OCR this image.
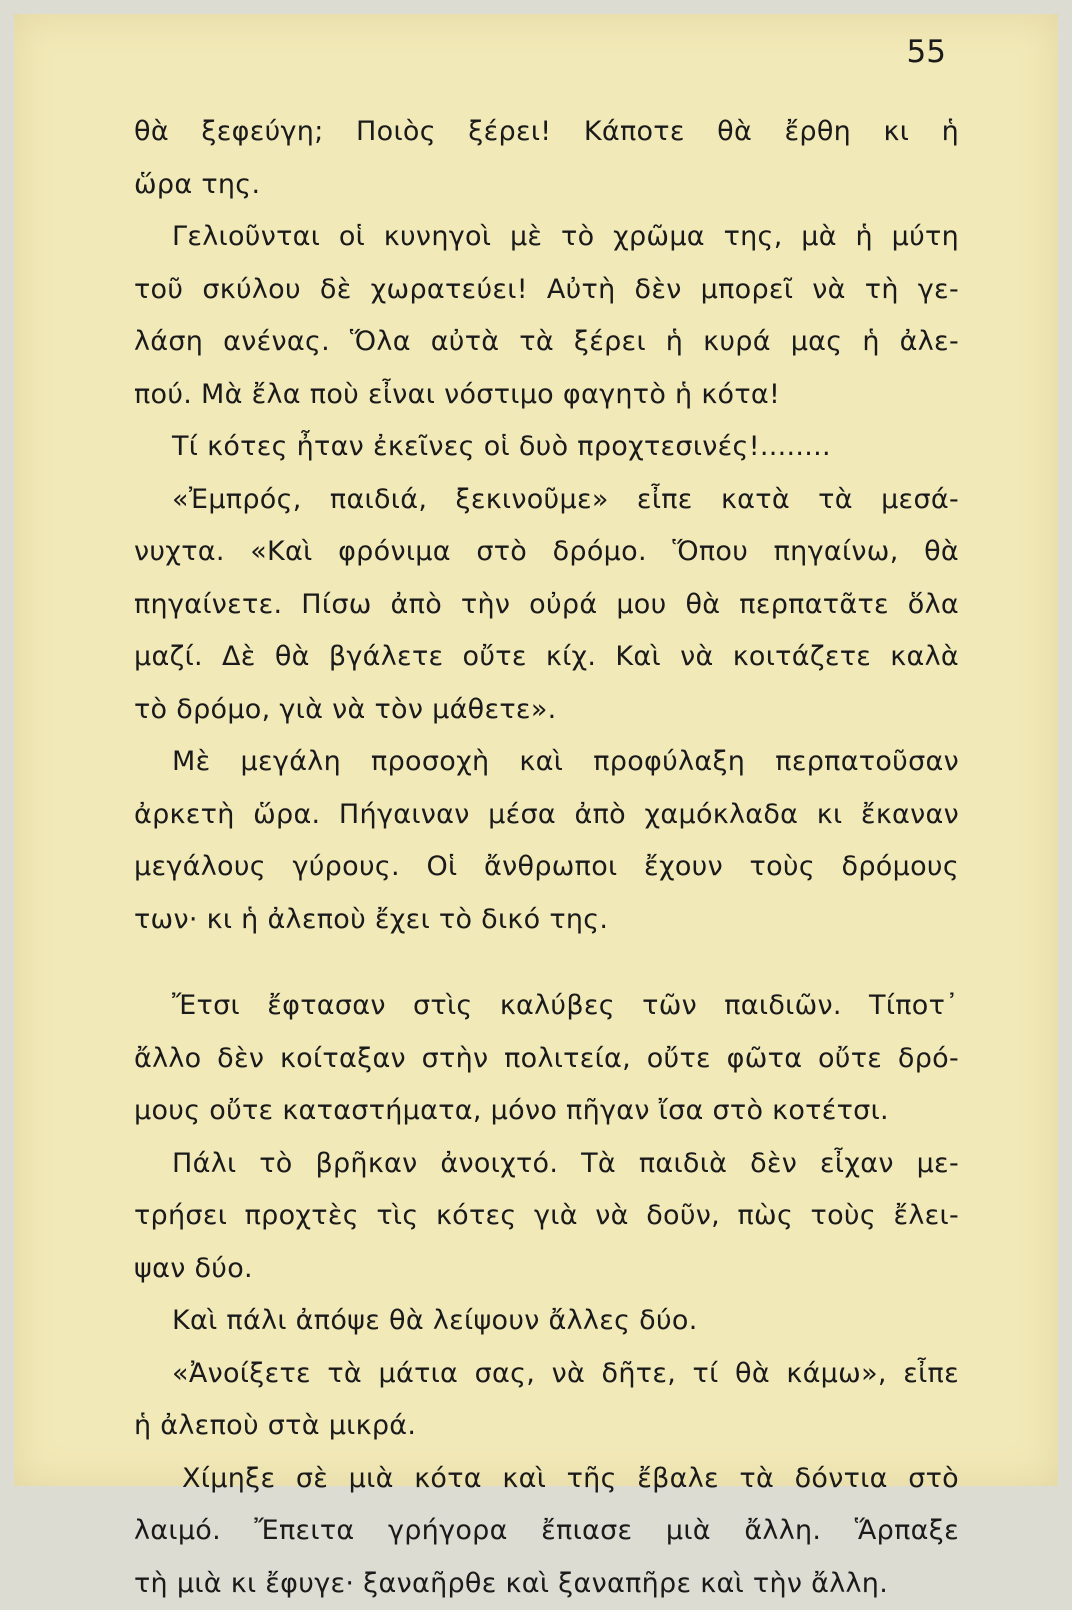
55
θὰ ξεφεύγη; Ποιὸς ξέρει! Κάποτε θὰ ἔρθη κι ἡ
ὥρα της.
Γελιοῦνται οἱ κυνηγοὶ μὲ τὸ χρῶμα της, μὰ ἡ μύτη
τοῦ σκύλου δὲ χωρατεύει! Αὐτὴ δὲν μπορεῖ νὰ τὴ γε-
λάση ανένας. Ὅλα αὐτὰ τὰ ξέρει ἡ κυρά μας ἡ ἀλε-
πού. Μὰ ἔλα ποὺ εἶναι νόστιμο φαγητὸ ἡ κότα!
Τί κότες ἦταν ἐκεῖνες οἱ δυὸ προχτεσινές!........
«Ἐμπρός, παιδιά, ξεκινοῦμε» εἶπε κατὰ τὰ μεσά-
νυχτα. «Καὶ φρόνιμα στὸ δρόμο. Ὅπου πηγαίνω, θὰ
πηγαίνετε. Πίσω ἀπὸ τὴν οὐρά μου θὰ περπατᾶτε ὅλα
μαζί. Δὲ θὰ βγάλετε οὔτε κίχ. Καὶ νὰ κοιτάζετε καλὰ
τὸ δρόμο, γιὰ νὰ τὸν μάθετε».
Μὲ μεγάλη προσοχὴ καὶ προφύλαξη περπατοῦσαν
ἀρκετὴ ὥρα. Πήγαιναν μέσα ἀπὸ χαμόκλαδα κι ἔκαναν
μεγάλους γύρους. Οἱ ἄνθρωποι ἔχουν τοὺς δρόμους
των· κι ἡ ἀλεποὺ ἔχει τὸ δικό της.
Ἔτσι ἔφτασαν στὶς καλύβες τῶν παιδιῶν. Τίποτ᾽
ἄλλο δὲν κοίταξαν στὴν πολιτεία, οὔτε φῶτα οὔτε δρό-
μους οὔτε καταστήματα, μόνο πῆγαν ἴσα στὸ κοτέτσι.
Πάλι τὸ βρῆκαν ἀνοιχτό. Τὰ παιδιὰ δὲν εἶχαν με-
τρήσει προχτὲς τὶς κότες γιὰ νὰ δοῦν, πὼς τοὺς ἔλει-
ψαν δύο.
Καὶ πάλι ἀπόψε θὰ λείψουν ἄλλες δύο.
«Ἀνοίξετε τὰ μάτια σας, νὰ δῆτε, τί θὰ κάμω», εἶπε
ἡ ἀλεποὺ στὰ μικρά.
Χίμηξε σὲ μιὰ κότα καὶ τῆς ἔβαλε τὰ δόντια στὸ
λαιμό. Ἔπειτα γρήγορα ἔπιασε μιὰ ἄλλη. Ἅρπαξε
τὴ μιὰ κι ἔφυγε· ξαναῆρθε καὶ ξαναπῆρε καὶ τὴν ἄλλη.
